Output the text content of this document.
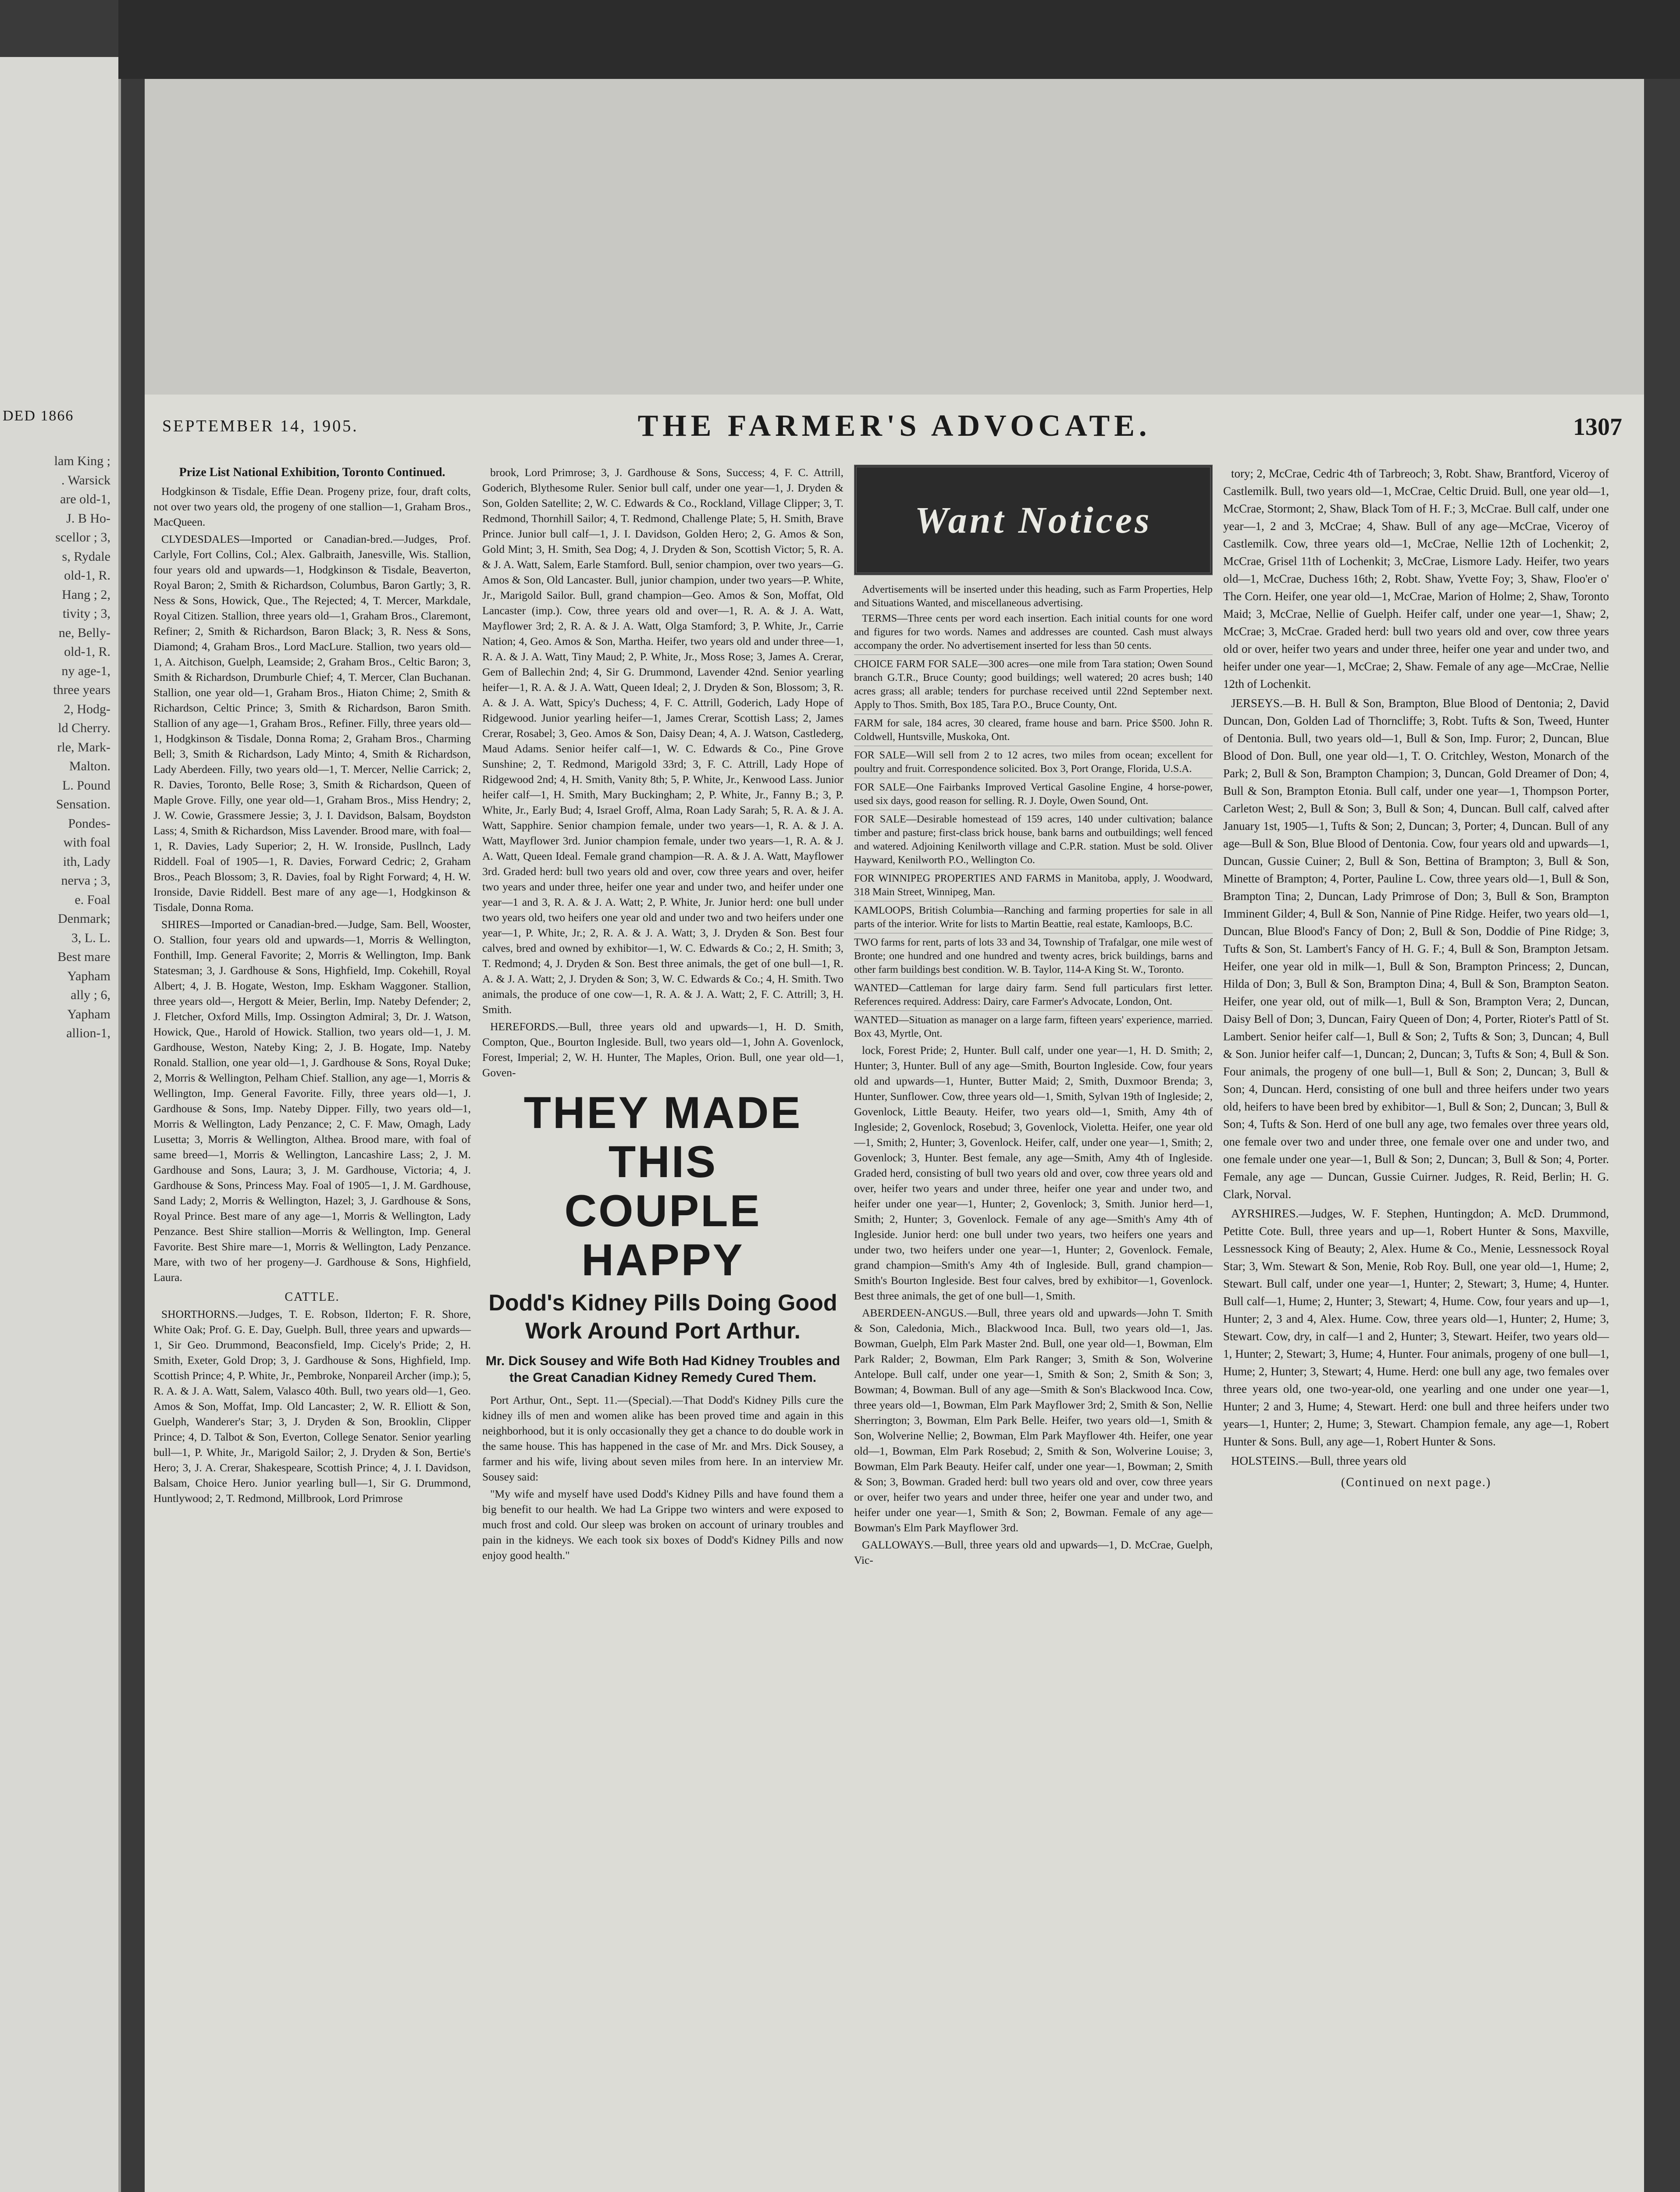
DED 1866
lam King ;
. Warsick
are old-1,
J. B Ho-
scellor ; 3,
s, Rydale
old-1, R.
Hang ; 2,
tivity ; 3,
ne, Belly-
old-1, R.
ny age-1,
three years
2, Hodg-
ld Cherry.
rle, Mark-
Malton.
L. Pound
Sensation.
Pondes-
with foal
ith, Lady
nerva ; 3,
e. Foal
Denmark;
3, L. L.
Best mare
Yapham
ally ; 6,
Yapham
allion-1,
SEPTEMBER 14, 1905.	THE FARMER'S ADVOCATE.	1307

Prize List National Exhibition, Toronto Continued.

Hodgkinson & Tisdale, Effie Dean. Progeny prize, four, draft colts, not over two years old, the progeny of one stallion—1, Graham Bros., MacQueen.

CLYDESDALES—Imported or Canadian-bred.—Judges, Prof. Carlyle, Fort Collins, Col.; Alex. Galbraith, Janesville, Wis. Stallion, four years old and upwards—1, Hodgkinson & Tisdale, Beaverton, Royal Baron; 2, Smith & Richardson, Columbus, Baron Gartly; 3, R. Ness & Sons, Howick, Que., The Rejected; 4, T. Mercer, Markdale, Royal Citizen. Stallion, three years old—1, Graham Bros., Claremont, Refiner; 2, Smith & Richardson, Baron Black; 3, R. Ness & Sons, Diamond; 4, Graham Bros., Lord MacLure. Stallion, two years old—1, A. Aitchison, Guelph, Leamside; 2, Graham Bros., Celtic Baron; 3, Smith & Richardson, Drumburle Chief; 4, T. Mercer, Clan Buchanan. Stallion, one year old—1, Graham Bros., Hiaton Chime; 2, Smith & Richardson, Celtic Prince; 3, Smith & Richardson, Baron Smith. Stallion of any age—1, Graham Bros., Refiner. Filly, three years old—1, Hodgkinson & Tisdale, Donna Roma; 2, Graham Bros., Charming Bell; 3, Smith & Richardson, Lady Minto; 4, Smith & Richardson, Lady Aberdeen. Filly, two years old—1, T. Mercer, Nellie Carrick; 2, R. Davies, Toronto, Belle Rose; 3, Smith & Richardson, Queen of Maple Grove. Filly, one year old—1, Graham Bros., Miss Hendry; 2, J. W. Cowie, Grassmere Jessie; 3, J. I. Davidson, Balsam, Boydston Lass; 4, Smith & Richardson, Miss Lavender. Brood mare, with foal—1, R. Davies, Lady Superior; 2, H. W. Ironside, Pusllnch, Lady Riddell. Foal of 1905—1, R. Davies, Forward Cedric; 2, Graham Bros., Peach Blossom; 3, R. Davies, foal by Right Forward; 4, H. W. Ironside, Davie Riddell. Best mare of any age—1, Hodgkinson & Tisdale, Donna Roma.

SHIRES—Imported or Canadian-bred.—Judge, Sam. Bell, Wooster, O. Stallion, four years old and upwards—1, Morris & Wellington, Fonthill, Imp. General Favorite; 2, Morris & Wellington, Imp. Bank Statesman; 3, J. Gardhouse & Sons, Highfield, Imp. Cokehill, Royal Albert; 4, J. B. Hogate, Weston, Imp. Eskham Waggoner. Stallion, three years old—, Hergott & Meier, Berlin, Imp. Nateby Defender; 2, J. Fletcher, Oxford Mills, Imp. Ossington Admiral; 3, Dr. J. Watson, Howick, Que., Harold of Howick. Stallion, two years old—1, J. M. Gardhouse, Weston, Nateby King; 2, J. B. Hogate, Imp. Nateby Ronald. Stallion, one year old—1, J. Gardhouse & Sons, Royal Duke; 2, Morris & Wellington, Pelham Chief. Stallion, any age—1, Morris & Wellington, Imp. General Favorite. Filly, three years old—1, J. Gardhouse & Sons, Imp. Nateby Dipper. Filly, two years old—1, Morris & Wellington, Lady Penzance; 2, C. F. Maw, Omagh, Lady Lusetta; 3, Morris & Wellington, Althea. Brood mare, with foal of same breed—1, Morris & Wellington, Lancashire Lass; 2, J. M. Gardhouse and Sons, Laura; 3, J. M. Gardhouse, Victoria; 4, J. Gardhouse & Sons, Princess May. Foal of 1905—1, J. M. Gardhouse, Sand Lady; 2, Morris & Wellington, Hazel; 3, J. Gardhouse & Sons, Royal Prince. Best mare of any age—1, Morris & Wellington, Lady Penzance. Best Shire stallion—Morris & Wellington, Imp. General Favorite. Best Shire mare—1, Morris & Wellington, Lady Penzance. Mare, with two of her progeny—J. Gardhouse & Sons, Highfield, Laura.

CATTLE.

SHORTHORNS.—Judges, T. E. Robson, Ilderton; F. R. Shore, White Oak; Prof. G. E. Day, Guelph. Bull, three years and upwards—1, Sir Geo. Drummond, Beaconsfield, Imp. Cicely's Pride; 2, H. Smith, Exeter, Gold Drop; 3, J. Gardhouse & Sons, Highfield, Imp. Scottish Prince; 4, P. White, Jr., Pembroke, Nonpareil Archer (imp.); 5, R. A. & J. A. Watt, Salem, Valasco 40th. Bull, two years old—1, Geo. Amos & Son, Moffat, Imp. Old Lancaster; 2, W. R. Elliott & Son, Guelph, Wanderer's Star; 3, J. Dryden & Son, Brooklin, Clipper Prince; 4, D. Talbot & Son, Everton, College Senator. Senior yearling bull—1, P. White, Jr., Marigold Sailor; 2, J. Dryden & Son, Bertie's Hero; 3, J. A. Crerar, Shakespeare, Scottish Prince; 4, J. I. Davidson, Balsam, Choice Hero. Junior yearling bull—1, Sir G. Drummond, Huntlywood; 2, T. Redmond, Millbrook, Lord Primrose

brook, Lord Primrose; 3, J. Gardhouse & Sons, Success; 4, F. C. Attrill, Goderich, Blythesome Ruler. Senior bull calf, under one year—1, J. Dryden & Son, Golden Satellite; 2, W. C. Edwards & Co., Rockland, Village Clipper; 3, T. Redmond, Thornhill Sailor; 4, T. Redmond, Challenge Plate; 5, H. Smith, Brave Prince. Junior bull calf—1, J. I. Davidson, Golden Hero; 2, G. Amos & Son, Gold Mint; 3, H. Smith, Sea Dog; 4, J. Dryden & Son, Scottish Victor; 5, R. A. & J. A. Watt, Salem, Earle Stamford. Bull, senior champion, over two years—G. Amos & Son, Old Lancaster. Bull, junior champion, under two years—P. White, Jr., Marigold Sailor. Bull, grand champion—Geo. Amos & Son, Moffat, Old Lancaster (imp.). Cow, three years old and over—1, R. A. & J. A. Watt, Mayflower 3rd; 2, R. A. & J. A. Watt, Olga Stamford; 3, P. White, Jr., Carrie Nation; 4, Geo. Amos & Son, Martha. Heifer, two years old and under three—1, R. A. & J. A. Watt, Tiny Maud; 2, P. White, Jr., Moss Rose; 3, James A. Crerar, Gem of Ballechin 2nd; 4, Sir G. Drummond, Lavender 42nd. Senior yearling heifer—1, R. A. & J. A. Watt, Queen Ideal; 2, J. Dryden & Son, Blossom; 3, R. A. & J. A. Watt, Spicy's Duchess; 4, F. C. Attrill, Goderich, Lady Hope of Ridgewood. Junior yearling heifer—1, James Crerar, Scottish Lass; 2, James Crerar, Rosabel; 3, Geo. Amos & Son, Daisy Dean; 4, A. J. Watson, Castlederg, Maud Adams. Senior heifer calf—1, W. C. Edwards & Co., Pine Grove Sunshine; 2, T. Redmond, Marigold 33rd; 3, F. C. Attrill, Lady Hope of Ridgewood 2nd; 4, H. Smith, Vanity 8th; 5, P. White, Jr., Kenwood Lass. Junior heifer calf—1, H. Smith, Mary Buckingham; 2, P. White, Jr., Fanny B.; 3, P. White, Jr., Early Bud; 4, Israel Groff, Alma, Roan Lady Sarah; 5, R. A. & J. A. Watt, Sapphire. Senior champion female, under two years—1, R. A. & J. A. Watt, Mayflower 3rd. Junior champion female, under two years—1, R. A. & J. A. Watt, Queen Ideal. Female grand champion—R. A. & J. A. Watt, Mayflower 3rd. Graded herd: bull two years old and over, cow three years and over, heifer two years and under three, heifer one year and under two, and heifer under one year—1 and 3, R. A. & J. A. Watt; 2, P. White, Jr. Junior herd: one bull under two years old, two heifers one year old and under two and two heifers under one year—1, P. White, Jr.; 2, R. A. & J. A. Watt; 3, J. Dryden & Son. Best four calves, bred and owned by exhibitor—1, W. C. Edwards & Co.; 2, H. Smith; 3, T. Redmond; 4, J. Dryden & Son. Best three animals, the get of one bull—1, R. A. & J. A. Watt; 2, J. Dryden & Son; 3, W. C. Edwards & Co.; 4, H. Smith. Two animals, the produce of one cow—1, R. A. & J. A. Watt; 2, F. C. Attrill; 3, H. Smith.

HEREFORDS.—Bull, three years old and upwards—1, H. D. Smith, Compton, Que., Bourton Ingleside. Bull, two years old—1, John A. Govenlock, Forest, Imperial; 2, W. H. Hunter, The Maples, Orion. Bull, one year old—1, Goven-

THEY MADE THIS
COUPLE HAPPY
Dodd's Kidney Pills Doing Good Work Around Port Arthur.
Mr. Dick Sousey and Wife Both Had Kidney Troubles and the Great Canadian Kidney Remedy Cured Them.

Port Arthur, Ont., Sept. 11.—(Special).—That Dodd's Kidney Pills cure the kidney ills of men and women alike has been proved time and again in this neighborhood, but it is only occasionally they get a chance to do double work in the same house. This has happened in the case of Mr. and Mrs. Dick Sousey, a farmer and his wife, living about seven miles from here. In an interview Mr. Sousey said:

"My wife and myself have used Dodd's Kidney Pills and have found them a big benefit to our health. We had La Grippe two winters and were exposed to much frost and cold. Our sleep was broken on account of urinary troubles and pain in the kidneys. We each took six boxes of Dodd's Kidney Pills and now enjoy good health."

Want Notices

Advertisements will be inserted under this heading, such as Farm Properties, Help and Situations Wanted, and miscellaneous advertising.

TERMS—Three cents per word each insertion. Each initial counts for one word and figures for two words. Names and addresses are counted. Cash must always accompany the order. No advertisement inserted for less than 50 cents.

CHOICE FARM FOR SALE—300 acres—one mile from Tara station; Owen Sound branch G.T.R., Bruce County; good buildings; well watered; 20 acres bush; 140 acres grass; all arable; tenders for purchase received until 22nd September next. Apply to Thos. Smith, Box 185, Tara P.O., Bruce County, Ont.

FARM for sale, 184 acres, 30 cleared, frame house and barn. Price $500. John R. Coldwell, Huntsville, Muskoka, Ont.

FOR SALE—Will sell from 2 to 12 acres, two miles from ocean; excellent for poultry and fruit. Correspondence solicited. Box 3, Port Orange, Florida, U.S.A.

FOR SALE—One Fairbanks Improved Vertical Gasoline Engine, 4 horse-power, used six days, good reason for selling. R. J. Doyle, Owen Sound, Ont.

FOR SALE—Desirable homestead of 159 acres, 140 under cultivation; balance timber and pasture; first-class brick house, bank barns and outbuildings; well fenced and watered. Adjoining Kenilworth village and C.P.R. station. Must be sold. Oliver Hayward, Kenilworth P.O., Wellington Co.

FOR WINNIPEG PROPERTIES AND FARMS in Manitoba, apply, J. Woodward, 318 Main Street, Winnipeg, Man.

KAMLOOPS, British Columbia—Ranching and farming properties for sale in all parts of the interior. Write for lists to Martin Beattie, real estate, Kamloops, B.C.

TWO farms for rent, parts of lots 33 and 34, Township of Trafalgar, one mile west of Bronte; one hundred and one hundred and twenty acres, brick buildings, barns and other farm buildings best condition. W. B. Taylor, 114-A King St. W., Toronto.

WANTED—Cattleman for large dairy farm. Send full particulars first letter. References required. Address: Dairy, care Farmer's Advocate, London, Ont.

WANTED—Situation as manager on a large farm, fifteen years' experience, married. Box 43, Myrtle, Ont.

lock, Forest Pride; 2, Hunter. Bull calf, under one year—1, H. D. Smith; 2, Hunter; 3, Hunter. Bull of any age—Smith, Bourton Ingleside. Cow, four years old and upwards—1, Hunter, Butter Maid; 2, Smith, Duxmoor Brenda; 3, Hunter, Sunflower. Cow, three years old—1, Smith, Sylvan 19th of Ingleside; 2, Govenlock, Little Beauty. Heifer, two years old—1, Smith, Amy 4th of Ingleside; 2, Govenlock, Rosebud; 3, Govenlock, Violetta. Heifer, one year old—1, Smith; 2, Hunter; 3, Govenlock. Heifer, calf, under one year—1, Smith; 2, Govenlock; 3, Hunter. Best female, any age—Smith, Amy 4th of Ingleside. Graded herd, consisting of bull two years old and over, cow three years old and over, heifer two years and under three, heifer one year and under two, and heifer under one year—1, Hunter; 2, Govenlock; 3, Smith. Junior herd—1, Smith; 2, Hunter; 3, Govenlock. Female of any age—Smith's Amy 4th of Ingleside. Junior herd: one bull under two years, two heifers one years and under two, two heifers under one year—1, Hunter; 2, Govenlock. Female, grand champion—Smith's Amy 4th of Ingleside. Bull, grand champion—Smith's Bourton Ingleside. Best four calves, bred by exhibitor—1, Govenlock. Best three animals, the get of one bull—1, Smith.

ABERDEEN-ANGUS.—Bull, three years old and upwards—John T. Smith & Son, Caledonia, Mich., Blackwood Inca. Bull, two years old—1, Jas. Bowman, Guelph, Elm Park Master 2nd. Bull, one year old—1, Bowman, Elm Park Ralder; 2, Bowman, Elm Park Ranger; 3, Smith & Son, Wolverine Antelope. Bull calf, under one year—1, Smith & Son; 2, Smith & Son; 3, Bowman; 4, Bowman. Bull of any age—Smith & Son's Blackwood Inca. Cow, three years old—1, Bowman, Elm Park Mayflower 3rd; 2, Smith & Son, Nellie Sherrington; 3, Bowman, Elm Park Belle. Heifer, two years old—1, Smith & Son, Wolverine Nellie; 2, Bowman, Elm Park Mayflower 4th. Heifer, one year old—1, Bowman, Elm Park Rosebud; 2, Smith & Son, Wolverine Louise; 3, Bowman, Elm Park Beauty. Heifer calf, under one year—1, Bowman; 2, Smith & Son; 3, Bowman. Graded herd: bull two years old and over, cow three years or over, heifer two years and under three, heifer one year and under two, and heifer under one year—1, Smith & Son; 2, Bowman. Female of any age—Bowman's Elm Park Mayflower 3rd.

GALLOWAYS.—Bull, three years old and upwards—1, D. McCrae, Guelph, Vic-

tory; 2, McCrae, Cedric 4th of Tarbreoch; 3, Robt. Shaw, Brantford, Viceroy of Castlemilk. Bull, two years old—1, McCrae, Celtic Druid. Bull, one year old—1, McCrae, Stormont; 2, Shaw, Black Tom of H. F.; 3, McCrae. Bull calf, under one year—1, 2 and 3, McCrae; 4, Shaw. Bull of any age—McCrae, Viceroy of Castlemilk. Cow, three years old—1, McCrae, Nellie 12th of Lochenkit; 2, McCrae, Grisel 11th of Lochenkit; 3, McCrae, Lismore Lady. Heifer, two years old—1, McCrae, Duchess 16th; 2, Robt. Shaw, Yvette Foy; 3, Shaw, Floo'er o' The Corn. Heifer, one year old—1, McCrae, Marion of Holme; 2, Shaw, Toronto Maid; 3, McCrae, Nellie of Guelph. Heifer calf, under one year—1, Shaw; 2, McCrae; 3, McCrae. Graded herd: bull two years old and over, cow three years old or over, heifer two years and under three, heifer one year and under two, and heifer under one year—1, McCrae; 2, Shaw. Female of any age—McCrae, Nellie 12th of Lochenkit.

JERSEYS.—B. H. Bull & Son, Brampton, Blue Blood of Dentonia; 2, David Duncan, Don, Golden Lad of Thorncliffe; 3, Robt. Tufts & Son, Tweed, Hunter of Dentonia. Bull, two years old—1, Bull & Son, Imp. Furor; 2, Duncan, Blue Blood of Don. Bull, one year old—1, T. O. Critchley, Weston, Monarch of the Park; 2, Bull & Son, Brampton Champion; 3, Duncan, Gold Dreamer of Don; 4, Bull & Son, Brampton Etonia. Bull calf, under one year—1, Thompson Porter, Carleton West; 2, Bull & Son; 3, Bull & Son; 4, Duncan. Bull calf, calved after January 1st, 1905—1, Tufts & Son; 2, Duncan; 3, Porter; 4, Duncan. Bull of any age—Bull & Son, Blue Blood of Dentonia. Cow, four years old and upwards—1, Duncan, Gussie Cuiner; 2, Bull & Son, Bettina of Brampton; 3, Bull & Son, Minette of Brampton; 4, Porter, Pauline L. Cow, three years old—1, Bull & Son, Brampton Tina; 2, Duncan, Lady Primrose of Don; 3, Bull & Son, Brampton Imminent Gilder; 4, Bull & Son, Nannie of Pine Ridge. Heifer, two years old—1, Duncan, Blue Blood's Fancy of Don; 2, Bull & Son, Doddie of Pine Ridge; 3, Tufts & Son, St. Lambert's Fancy of H. G. F.; 4, Bull & Son, Brampton Jetsam. Heifer, one year old in milk—1, Bull & Son, Brampton Princess; 2, Duncan, Hilda of Don; 3, Bull & Son, Brampton Dina; 4, Bull & Son, Brampton Seaton. Heifer, one year old, out of milk—1, Bull & Son, Brampton Vera; 2, Duncan, Daisy Bell of Don; 3, Duncan, Fairy Queen of Don; 4, Porter, Rioter's Pattl of St. Lambert. Senior heifer calf—1, Bull & Son; 2, Tufts & Son; 3, Duncan; 4, Bull & Son. Junior heifer calf—1, Duncan; 2, Duncan; 3, Tufts & Son; 4, Bull & Son. Four animals, the progeny of one bull—1, Bull & Son; 2, Duncan; 3, Bull & Son; 4, Duncan. Herd, consisting of one bull and three heifers under two years old, heifers to have been bred by exhibitor—1, Bull & Son; 2, Duncan; 3, Bull & Son; 4, Tufts & Son. Herd of one bull any age, two females over three years old, one female over two and under three, one female over one and under two, and one female under one year—1, Bull & Son; 2, Duncan; 3, Bull & Son; 4, Porter. Female, any age — Duncan, Gussie Cuirner. Judges, R. Reid, Berlin; H. G. Clark, Norval.

AYRSHIRES.—Judges, W. F. Stephen, Huntingdon; A. McD. Drummond, Petitte Cote. Bull, three years and up—1, Robert Hunter & Sons, Maxville, Lessnessock King of Beauty; 2, Alex. Hume & Co., Menie, Lessnessock Royal Star; 3, Wm. Stewart & Son, Menie, Rob Roy. Bull, one year old—1, Hume; 2, Stewart. Bull calf, under one year—1, Hunter; 2, Stewart; 3, Hume; 4, Hunter. Bull calf—1, Hume; 2, Hunter; 3, Stewart; 4, Hume. Cow, four years and up—1, Hunter; 2, 3 and 4, Alex. Hume. Cow, three years old—1, Hunter; 2, Hume; 3, Stewart. Cow, dry, in calf—1 and 2, Hunter; 3, Stewart. Heifer, two years old—1, Hunter; 2, Stewart; 3, Hume; 4, Hunter. Four animals, progeny of one bull—1, Hume; 2, Hunter; 3, Stewart; 4, Hume. Herd: one bull any age, two females over three years old, one two-year-old, one yearling and one under one year—1, Hunter; 2 and 3, Hume; 4, Stewart. Herd: one bull and three heifers under two years—1, Hunter; 2, Hume; 3, Stewart. Champion female, any age—1, Robert Hunter & Sons. Bull, any age—1, Robert Hunter & Sons.

HOLSTEINS.—Bull, three years old

(Continued on next page.)
